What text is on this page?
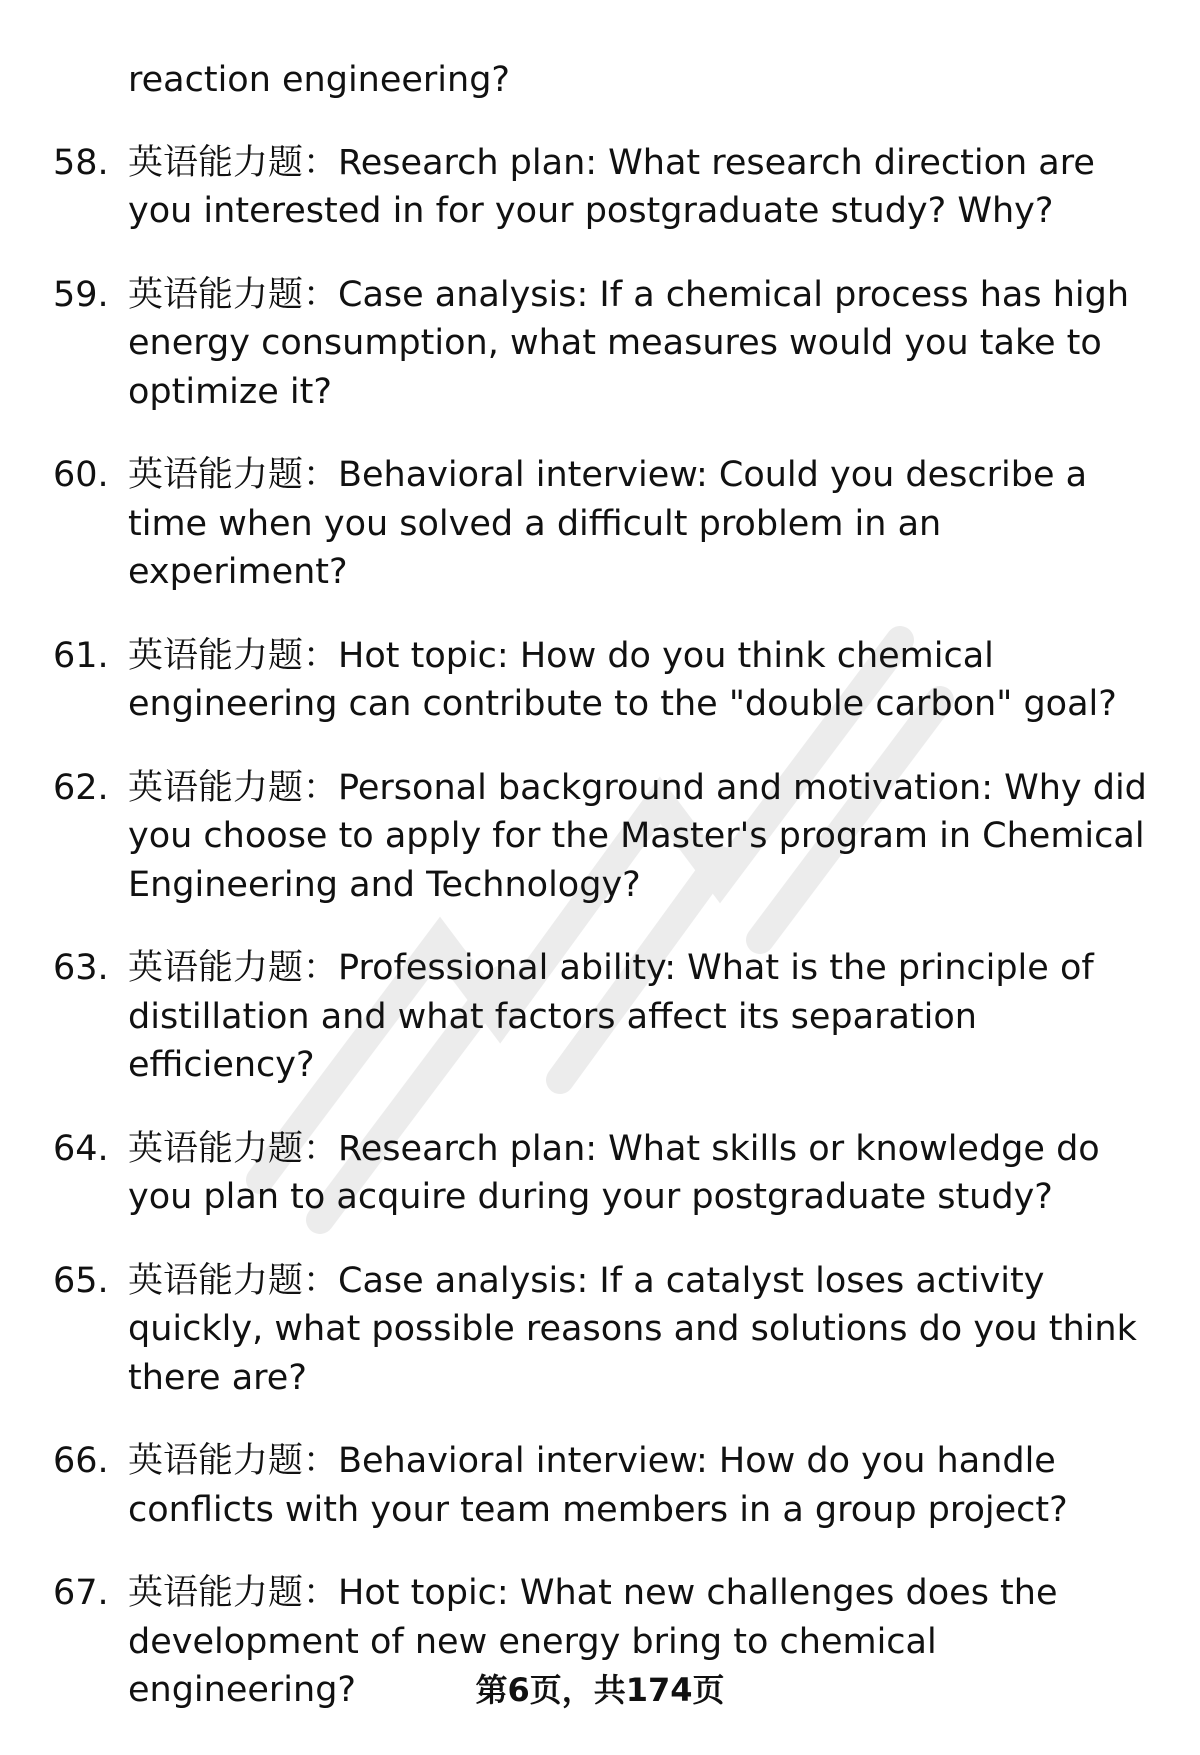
reaction engineering?

58. 英语能力题：Research plan: What research direction are you interested in for your postgraduate study? Why?
59. 英语能力题：Case analysis: If a chemical process has high energy consumption, what measures would you take to optimize it?
60. 英语能力题：Behavioral interview: Could you describe a time when you solved a difficult problem in an experiment?
61. 英语能力题：Hot topic: How do you think chemical engineering can contribute to the "double carbon" goal?
62. 英语能力题：Personal background and motivation: Why did you choose to apply for the Master's program in Chemical Engineering and Technology?
63. 英语能力题：Professional ability: What is the principle of distillation and what factors affect its separation efficiency?
64. 英语能力题：Research plan: What skills or knowledge do you plan to acquire during your postgraduate study?
65. 英语能力题：Case analysis: If a catalyst loses activity quickly, what possible reasons and solutions do you think there are?
66. 英语能力题：Behavioral interview: How do you handle conflicts with your team members in a group project?
67. 英语能力题：Hot topic: What new challenges does the development of new energy bring to chemical engineering?	第6页，共174页
